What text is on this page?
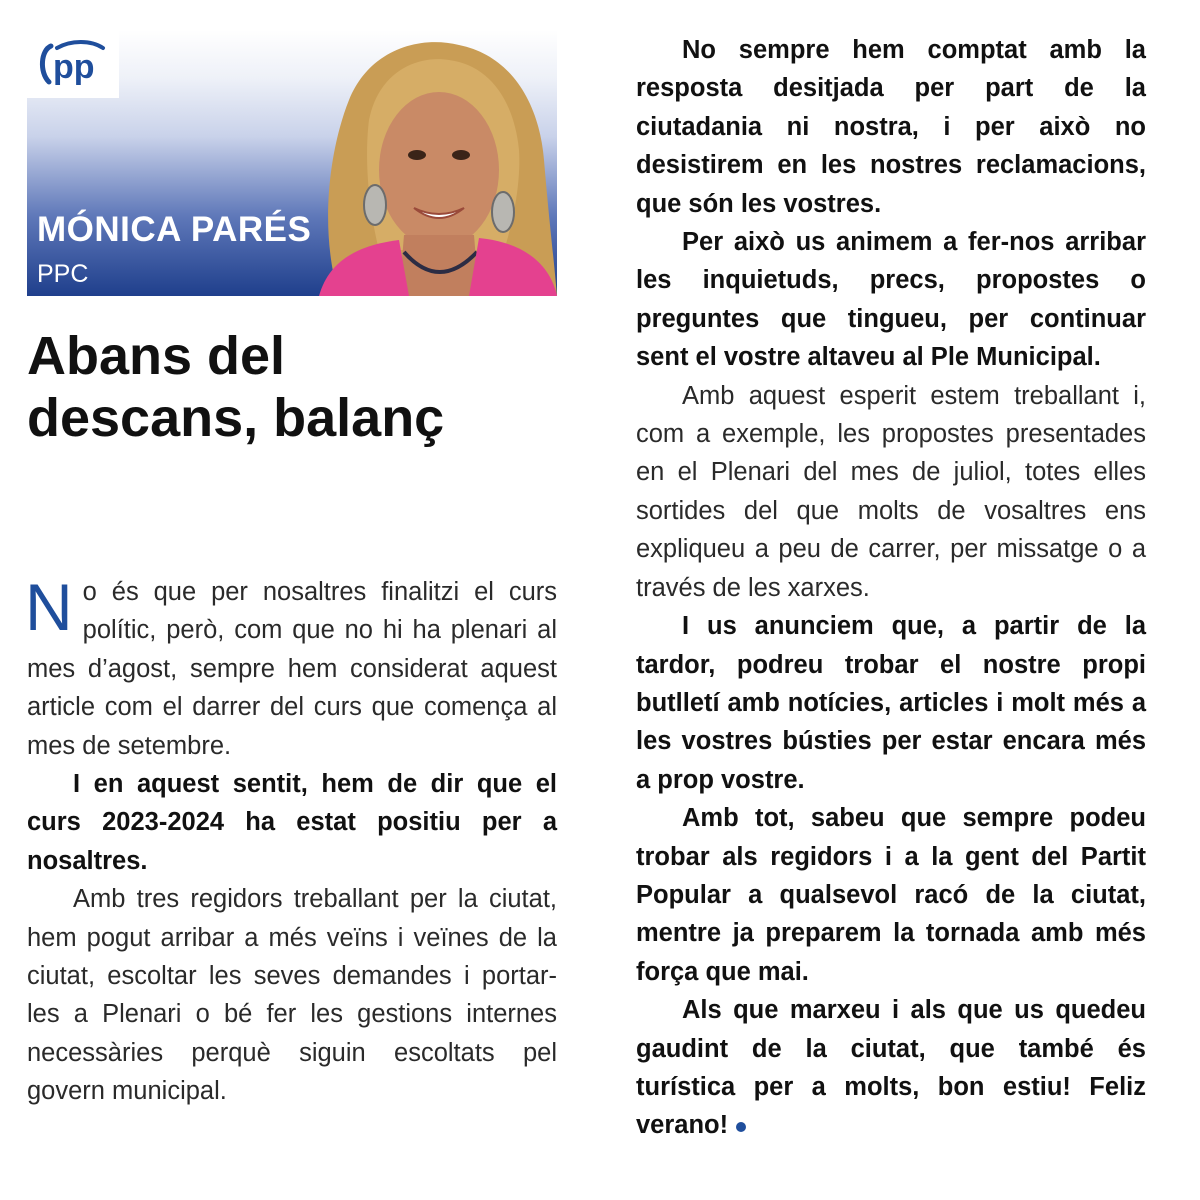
pp
MÓNICA PARÉS
PPC
Abans del
descans, balanç

No és que per nosaltres finalitzi el curs polític, però, com que no hi ha plenari al mes d’agost, sempre hem considerat aquest article com el darrer del curs que comença al mes de setembre.

I en aquest sentit, hem de dir que el curs 2023-2024 ha estat positiu per a nosaltres.

Amb tres regidors treballant per la ciutat, hem pogut arribar a més veïns i veïnes de la ciutat, escoltar les seves demandes i portar-les a Plenari o bé fer les gestions internes necessàries perquè siguin escoltats pel govern municipal.

No sempre hem comptat amb la resposta desitjada per part de la ciutadania ni nostra, i per això no desistirem en les nostres reclamacions, que són les vostres.

Per això us animem a fer-nos arribar les inquietuds, precs, propostes o preguntes que tingueu, per continuar sent el vostre altaveu al Ple Municipal.

Amb aquest esperit estem treballant i, com a exemple, les propostes presentades en el Plenari del mes de juliol, totes elles sortides del que molts de vosaltres ens expliqueu a peu de carrer, per missatge o a través de les xarxes.

I us anunciem que, a partir de la tardor, podreu trobar el nostre propi butlletí amb notícies, articles i molt més a les vostres bústies per estar encara més a prop vostre.

Amb tot, sabeu que sempre podeu trobar als regidors i a la gent del Partit Popular a qualsevol racó de la ciutat, mentre ja preparem la tornada amb més força que mai.

Als que marxeu i als que us quedeu gaudint de la ciutat, que també és turística per a molts, bon estiu! Feliz verano!
